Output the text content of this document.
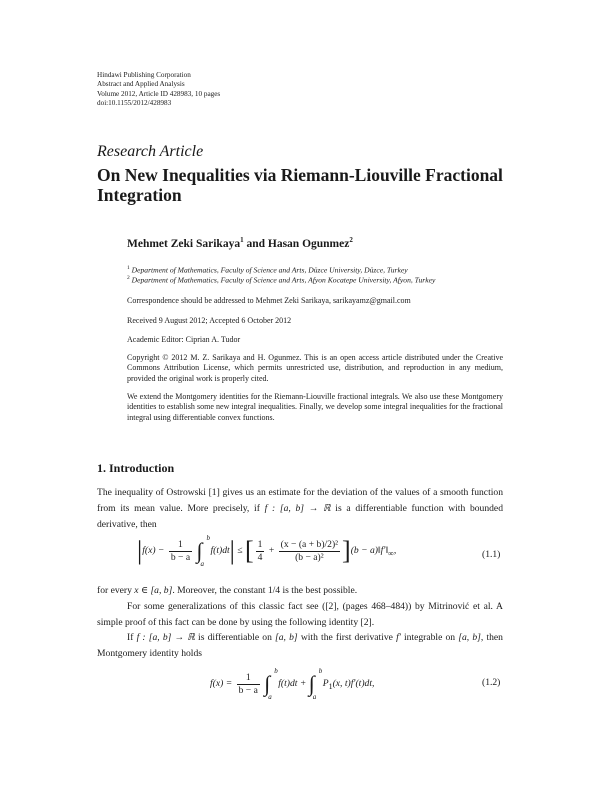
Hindawi Publishing Corporation
Abstract and Applied Analysis
Volume 2012, Article ID 428983, 10 pages
doi:10.1155/2012/428983
Research Article
On New Inequalities via Riemann-Liouville Fractional Integration
Mehmet Zeki Sarikaya$^1$ and Hasan Ogunmez$^2$
$^1$ Department of Mathematics, Faculty of Science and Arts, Düzce University, Düzce, Turkey
$^2$ Department of Mathematics, Faculty of Science and Arts, Afyon Kocatepe University, Afyon, Turkey
Correspondence should be addressed to Mehmet Zeki Sarikaya, sarikayamz@gmail.com
Received 9 August 2012; Accepted 6 October 2012
Academic Editor: Ciprian A. Tudor
Copyright © 2012 M. Z. Sarikaya and H. Ogunmez. This is an open access article distributed under the Creative Commons Attribution License, which permits unrestricted use, distribution, and reproduction in any medium, provided the original work is properly cited.
We extend the Montgomery identities for the Riemann-Liouville fractional integrals. We also use these Montgomery identities to establish some new integral inequalities. Finally, we develop some integral inequalities for the fractional integral using differentiable convex functions.
1. Introduction
The inequality of Ostrowski [1] gives us an estimate for the deviation of the values of a smooth function from its mean value. More precisely, if f : [a, b] → ℝ is a differentiable function with bounded derivative, then
$|f(x) - \frac{1}{b - a}$ ∫ b
a
f(t)dt| ≤ [ $\frac{1}{4} + \frac{\text{(x − (a + b)/2)²}}{\text{(b − a)²}} ](b$ − $a)‖f'‖_\infty$,	(1.1)
for every x ∈ [a, b]. Moreover, the constant 1/4 is the best possible.
For some generalizations of this classic fact see ([2], (pages 468–484)) by Mitrinović et al. A simple proof of this fact can be done by using the following identity [2].
If f : [a, b] → ℝ is differentiable on [a, b] with the first derivative f′ integrable on [a, b], then Montgomery identity holds
$f(x) = \frac{1}{b - a}$ ∫ b
a
f(t)dt + ∫ b
a
$P_1(x$, t)f′(t)dt,	(1.2)
